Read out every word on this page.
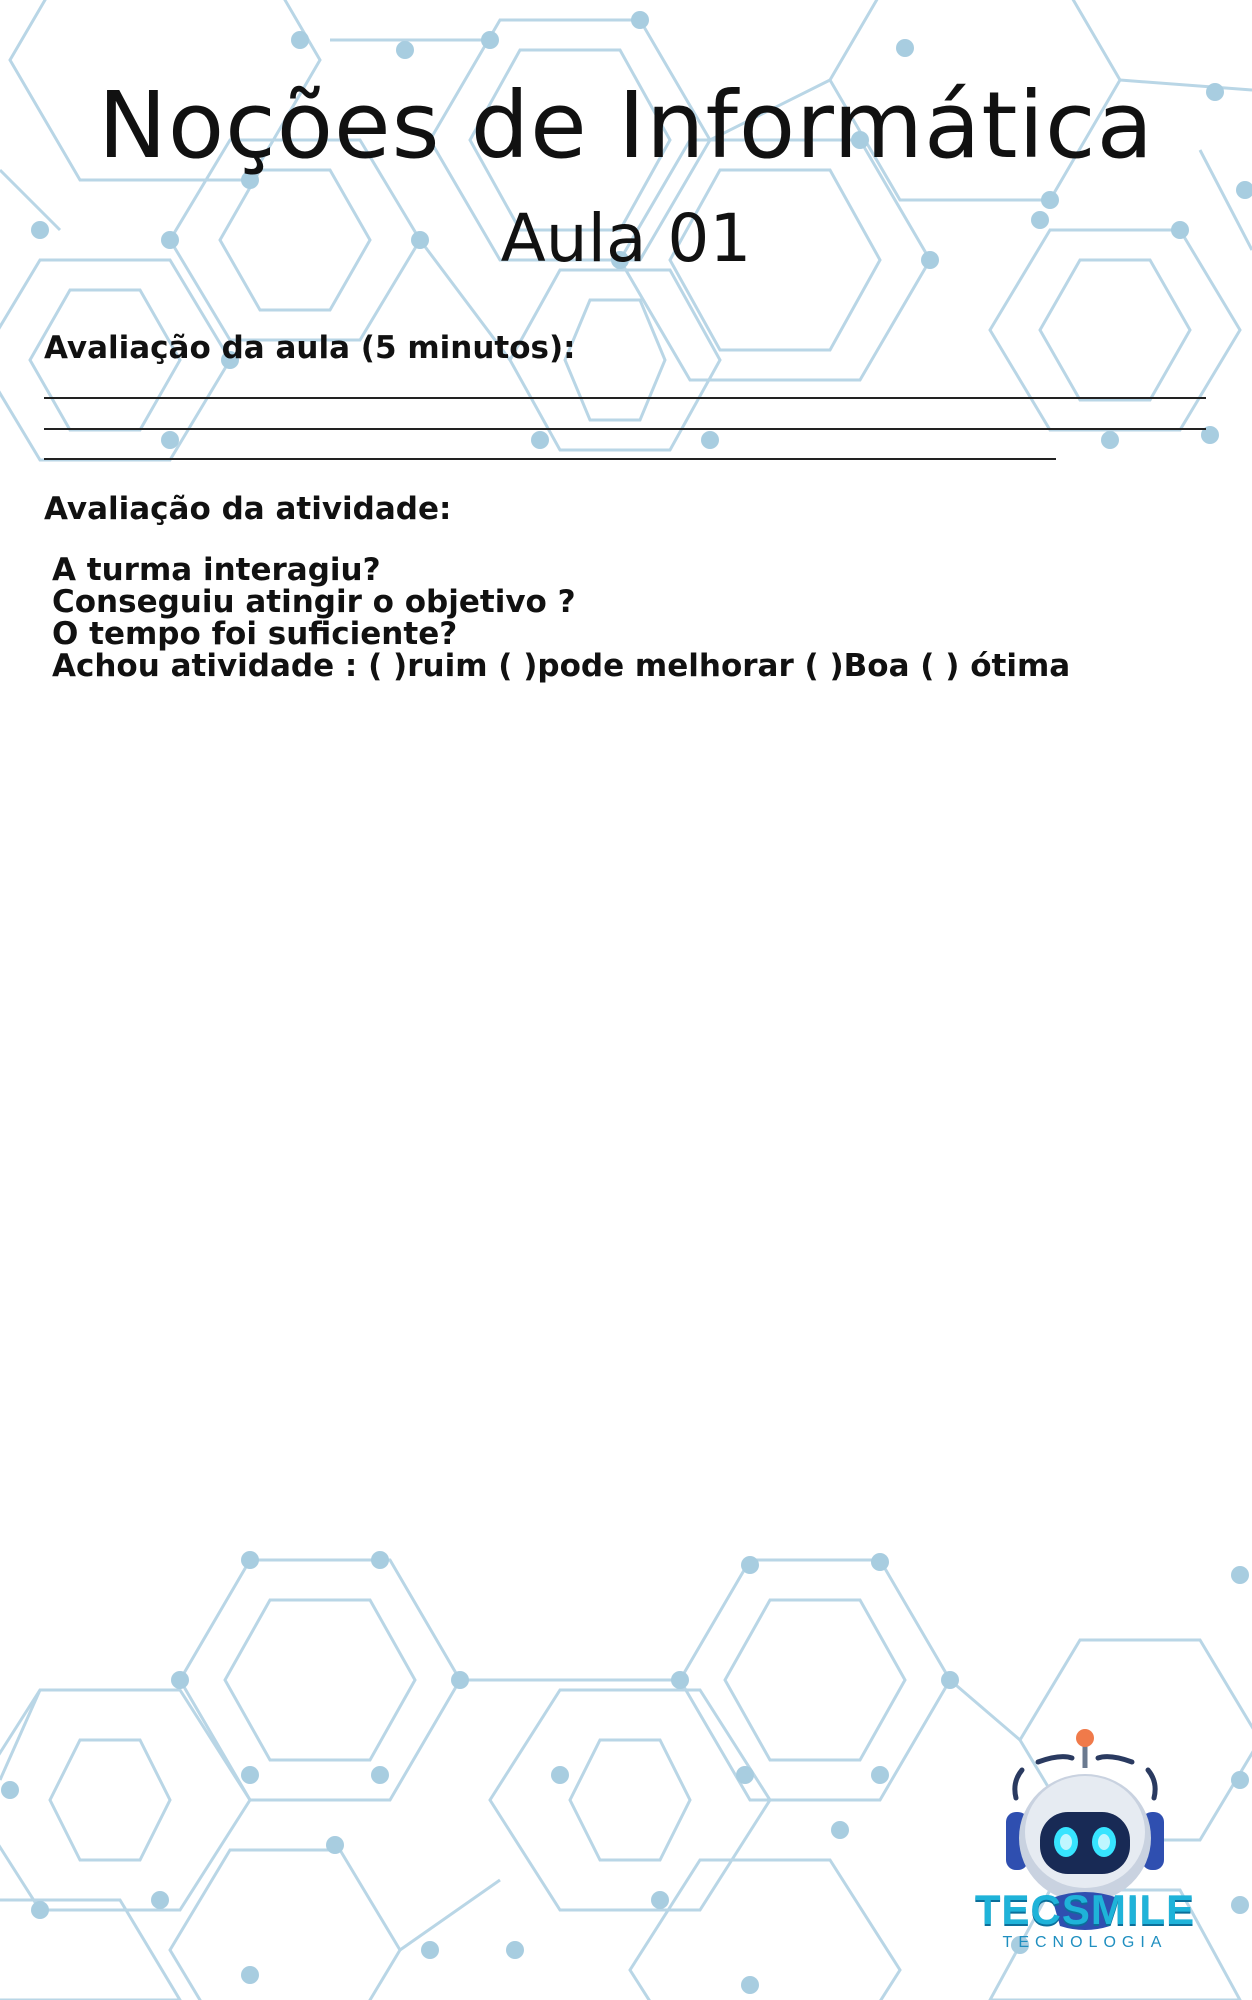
Noções de Informática
Aula 01
Avaliação da aula (5 minutos):
Avaliação da atividade:
A turma interagiu?
Conseguiu atingir o objetivo ?
O tempo foi suficiente?
Achou atividade : ( )ruim ( )pode melhorar ( )Boa ( ) ótima
TECSMILE
TECNOLOGIA
